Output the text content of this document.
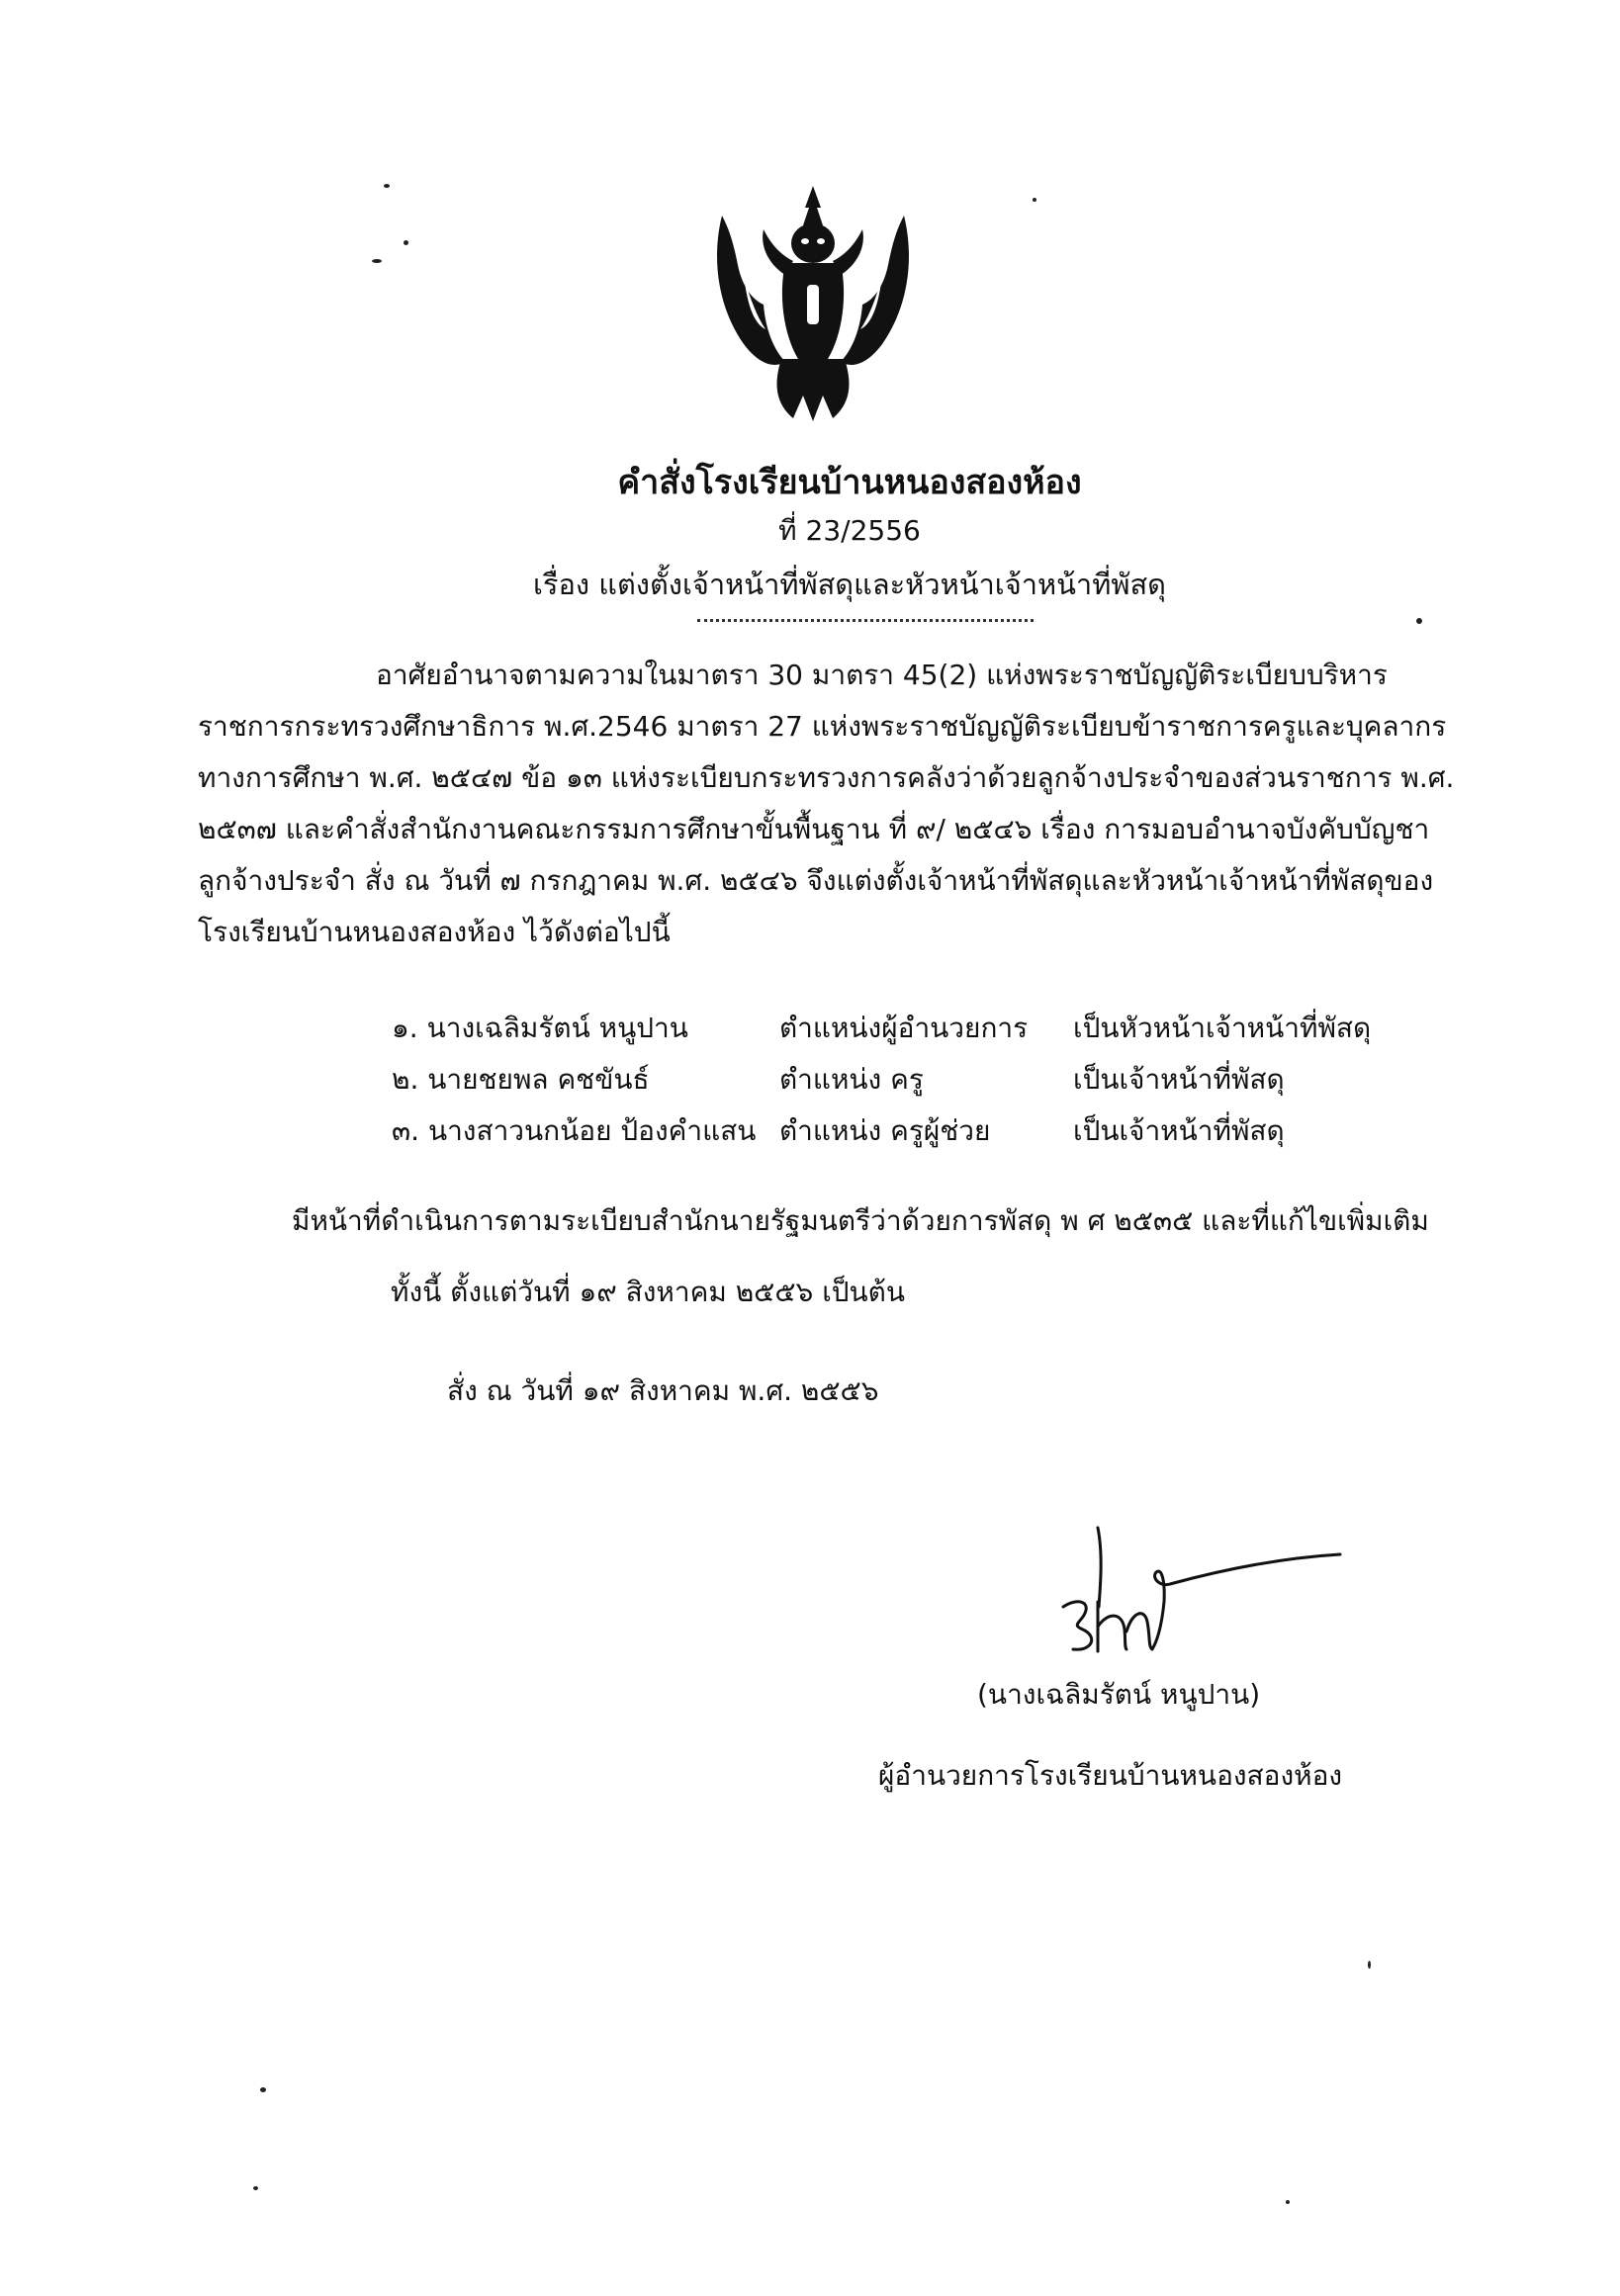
คำสั่งโรงเรียนบ้านหนองสองห้อง
ที่ 23/2556
เรื่อง แต่งตั้งเจ้าหน้าที่พัสดุและหัวหน้าเจ้าหน้าที่พัสดุ
อาศัยอำนาจตามความในมาตรา 30 มาตรา 45(2) แห่งพระราชบัญญัติระเบียบบริหาร
ราชการกระทรวงศึกษาธิการ พ.ศ.2546 มาตรา 27 แห่งพระราชบัญญัติระเบียบข้าราชการครูและบุคลากร
ทางการศึกษา พ.ศ. ๒๕๔๗ ข้อ ๑๓ แห่งระเบียบกระทรวงการคลังว่าด้วยลูกจ้างประจำของส่วนราชการ พ.ศ.
๒๕๓๗ และคำสั่งสำนักงานคณะกรรมการศึกษาขั้นพื้นฐาน ที่ ๙/ ๒๕๔๖ เรื่อง การมอบอำนาจบังคับบัญชา
ลูกจ้างประจำ สั่ง ณ วันที่ ๗ กรกฎาคม พ.ศ. ๒๕๔๖ จึงแต่งตั้งเจ้าหน้าที่พัสดุและหัวหน้าเจ้าหน้าที่พัสดุของ
โรงเรียนบ้านหนองสองห้อง ไว้ดังต่อไปนี้
๑. นางเฉลิมรัตน์ หนูปาน	ตำแหน่งผู้อำนวยการ เป็นหัวหน้าเจ้าหน้าที่พัสดุ
๒. นายชยพล คชขันธ์	ตำแหน่ง ครู	เป็นเจ้าหน้าที่พัสดุ
๓. นางสาวนกน้อย ป้องคำแสน ตำแหน่ง ครูผู้ช่วย	เป็นเจ้าหน้าที่พัสดุ
มีหน้าที่ดำเนินการตามระเบียบสำนักนายรัฐมนตรีว่าด้วยการพัสดุ พ ศ ๒๕๓๕ และที่แก้ไขเพิ่มเติม
ทั้งนี้ ตั้งแต่วันที่ ๑๙ สิงหาคม ๒๕๕๖ เป็นต้น
สั่ง ณ วันที่ ๑๙ สิงหาคม พ.ศ. ๒๕๕๖
(นางเฉลิมรัตน์ หนูปาน)
ผู้อำนวยการโรงเรียนบ้านหนองสองห้อง
